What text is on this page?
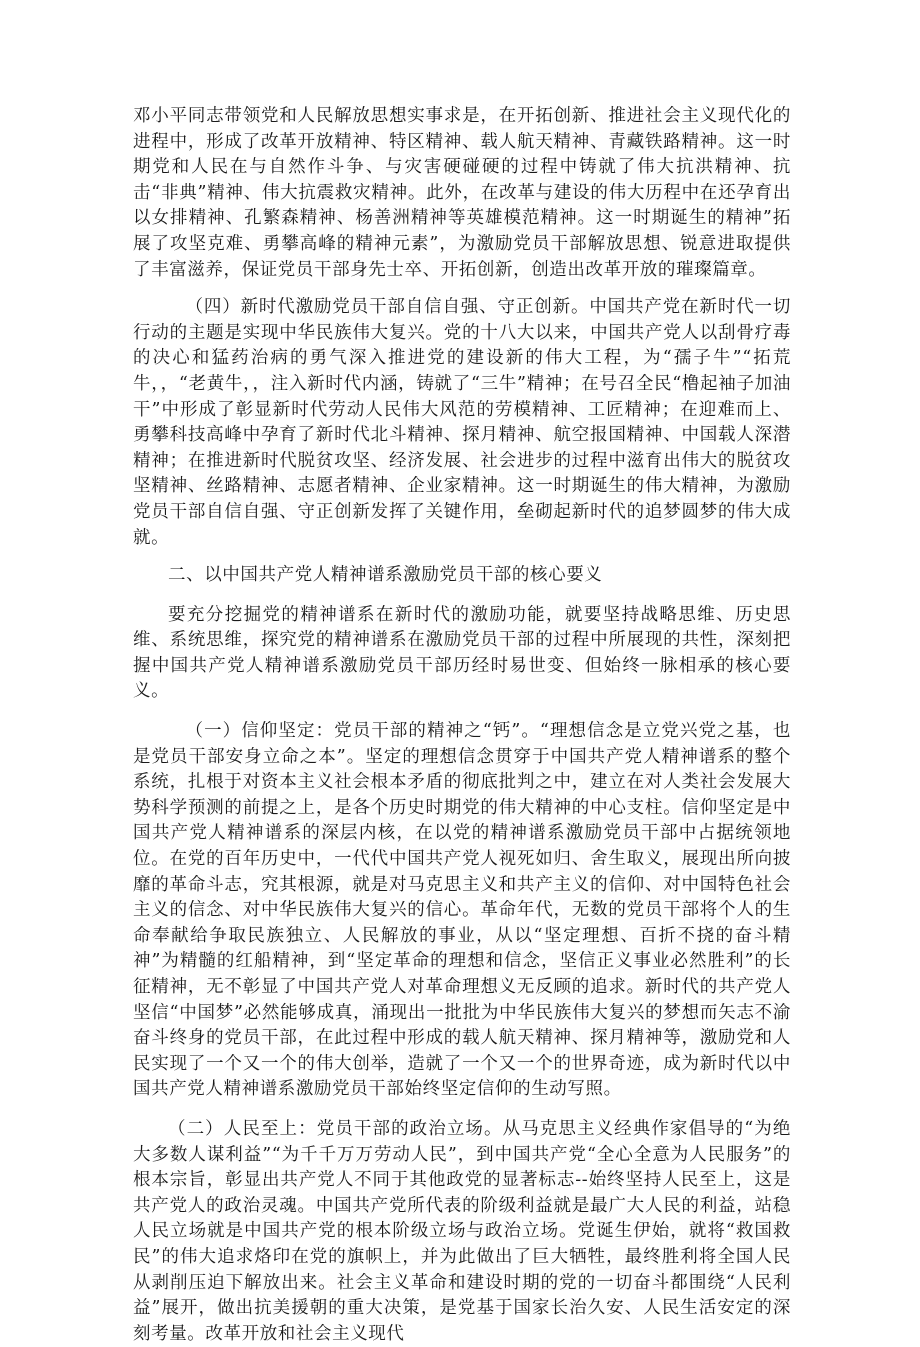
邓小平同志带领党和人民解放思想实事求是，在开拓创新、推进社会主义现代化的进程中，形成了改革开放精神、特区精神、载人航天精神、青藏铁路精神。这一时期党和人民在与自然作斗争、与灾害硬碰硬的过程中铸就了伟大抗洪精神、抗击“非典”精神、伟大抗震救灾精神。此外，在改革与建设的伟大历程中在还孕育出以女排精神、孔繁森精神、杨善洲精神等英雄模范精神。这一时期诞生的精神”拓展了攻坚克难、勇攀高峰的精神元素”，为激励党员干部解放思想、锐意进取提供了丰富滋养，保证党员干部身先士卒、开拓创新，创造出改革开放的璀璨篇章。

（四）新时代激励党员干部自信自强、守正创新。中国共产党在新时代一切行动的主题是实现中华民族伟大复兴。党的十八大以来，中国共产党人以刮骨疗毒的决心和猛药治病的勇气深入推进党的建设新的伟大工程，为“孺子牛”“拓荒牛，，“老黄牛，，注入新时代内涵，铸就了“三牛”精神；在号召全民“橹起袖子加油干”中形成了彰显新时代劳动人民伟大风范的劳模精神、工匠精神；在迎难而上、勇攀科技高峰中孕育了新时代北斗精神、探月精神、航空报国精神、中国载人深潜精神；在推进新时代脱贫攻坚、经济发展、社会进步的过程中滋育出伟大的脱贫攻坚精神、丝路精神、志愿者精神、企业家精神。这一时期诞生的伟大精神，为激励党员干部自信自强、守正创新发挥了关键作用，垒砌起新时代的追梦圆梦的伟大成就。

二、以中国共产党人精神谱系激励党员干部的核心要义

要充分挖掘党的精神谱系在新时代的激励功能，就要坚持战略思维、历史思维、系统思维，探究党的精神谱系在激励党员干部的过程中所展现的共性，深刻把握中国共产党人精神谱系激励党员干部历经时易世变、但始终一脉相承的核心要义。

（一）信仰坚定：党员干部的精神之“钙”。“理想信念是立党兴党之基，也是党员干部安身立命之本”。坚定的理想信念贯穿于中国共产党人精神谱系的整个系统，扎根于对资本主义社会根本矛盾的彻底批判之中，建立在对人类社会发展大势科学预测的前提之上，是各个历史时期党的伟大精神的中心支柱。信仰坚定是中国共产党人精神谱系的深层内核，在以党的精神谱系激励党员干部中占据统领地位。在党的百年历史中，一代代中国共产党人视死如归、舍生取义，展现出所向披靡的革命斗志，究其根源，就是对马克思主义和共产主义的信仰、对中国特色社会主义的信念、对中华民族伟大复兴的信心。革命年代，无数的党员干部将个人的生命奉献给争取民族独立、人民解放的事业，从以“坚定理想、百折不挠的奋斗精神”为精髓的红船精神，到“坚定革命的理想和信念，坚信正义事业必然胜利”的长征精神，无不彰显了中国共产党人对革命理想义无反顾的追求。新时代的共产党人坚信“中国梦”必然能够成真，涌现出一批批为中华民族伟大复兴的梦想而矢志不渝奋斗终身的党员干部，在此过程中形成的载人航天精神、探月精神等，激励党和人民实现了一个又一个的伟大创举，造就了一个又一个的世界奇迹，成为新时代以中国共产党人精神谱系激励党员干部始终坚定信仰的生动写照。

（二）人民至上：党员干部的政治立场。从马克思主义经典作家倡导的“为绝大多数人谋利益”“为千千万万劳动人民”，到中国共产党“全心全意为人民服务”的根本宗旨，彰显出共产党人不同于其他政党的显著标志--始终坚持人民至上，这是共产党人的政治灵魂。中国共产党所代表的阶级利益就是最广大人民的利益，站稳人民立场就是中国共产党的根本阶级立场与政治立场。党诞生伊始，就将“救国救民”的伟大追求烙印在党的旗帜上，并为此做出了巨大牺牲，最终胜利将全国人民从剥削压迫下解放出来。社会主义革命和建设时期的党的一切奋斗都围绕“人民利益”展开，做出抗美援朝的重大决策，是党基于国家长治久安、人民生活安定的深刻考量。改革开放和社会主义现代
